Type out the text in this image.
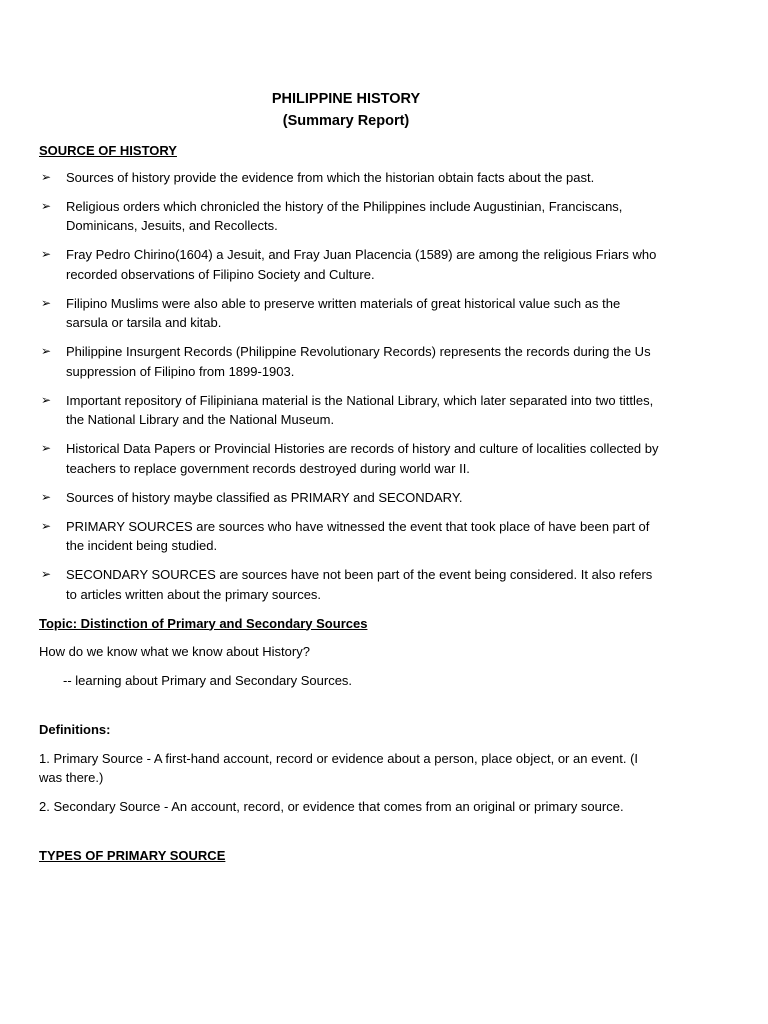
PHILIPPINE HISTORY
(Summary Report)
SOURCE OF HISTORY
➢ Sources of history provide the evidence from which the historian obtain facts about the past.
➢ Religious orders which chronicled the history of the Philippines include Augustinian, Franciscans, Dominicans, Jesuits, and Recollects.
➢ Fray Pedro Chirino(1604) a Jesuit, and Fray Juan Placencia (1589) are among the religious Friars who recorded observations of Filipino Society and Culture.
➢ Filipino Muslims were also able to preserve written materials of great historical value such as the sarsula or tarsila and kitab.
➢ Philippine Insurgent Records (Philippine Revolutionary Records) represents the records during the Us suppression of Filipino from 1899-1903.
➢ Important repository of Filipiniana material is the National Library, which later separated into two tittles, the National Library and the National Museum.
➢ Historical Data Papers or Provincial Histories are records of history and culture of localities collected by teachers to replace government records destroyed during world war II.
➢ Sources of history maybe classified as PRIMARY and SECONDARY.
➢ PRIMARY SOURCES are sources who have witnessed the event that took place of have been part of the incident being studied.
➢ SECONDARY SOURCES are sources have not been part of the event being considered. It also refers to articles written about the primary sources.
Topic: Distinction of Primary and Secondary Sources

How do we know what we know about History?

-- learning about Primary and Secondary Sources.

Definitions:

1. Primary Source - A first-hand account, record or evidence about a person, place object, or an event. (I was there.)

2. Secondary Source - An account, record, or evidence that comes from an original or primary source.

TYPES OF PRIMARY SOURCE
